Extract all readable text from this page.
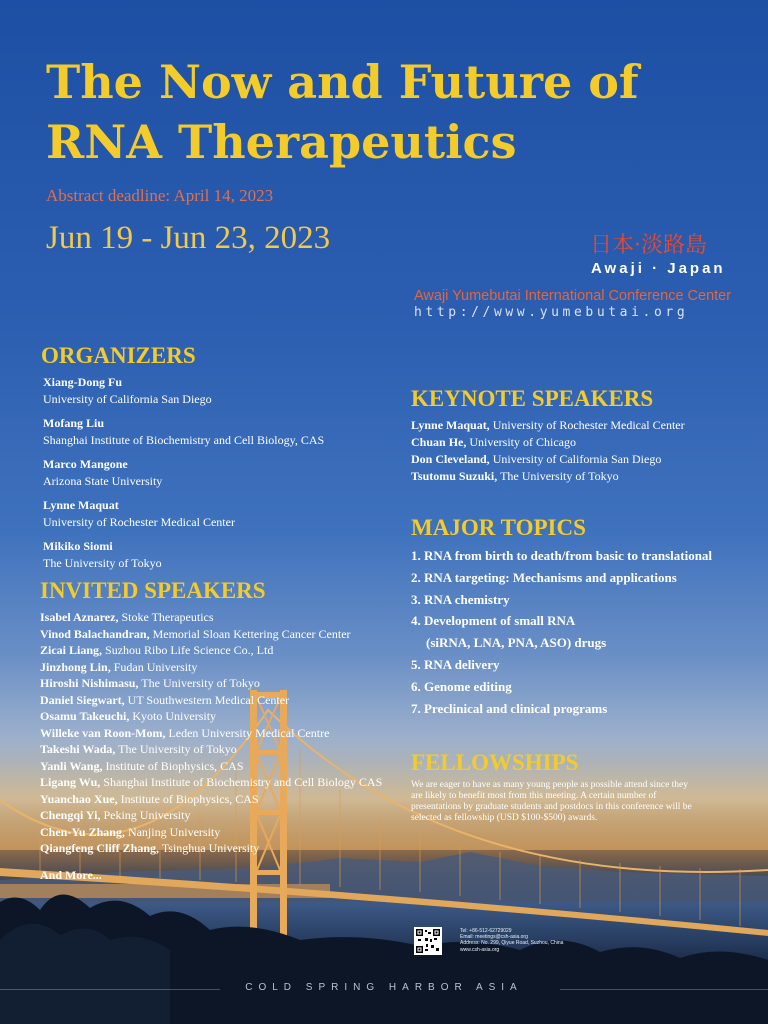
The Now and Future of
RNA Therapeutics
Abstract deadline: April 14, 2023
Jun 19 - Jun 23, 2023	日本·淡路島
Awaji · Japan
Awaji Yumebutai International Conference Center
http://www.yumebutai.org
ORGANIZERS
Xiang-Dong Fu
University of California San Diego
Mofang Liu
Shanghai Institute of Biochemistry and Cell Biology, CAS
Marco Mangone
Arizona State University
Lynne Maquat
University of Rochester Medical Center
Mikiko Siomi
The University of Tokyo
INVITED SPEAKERS
Isabel Aznarez, Stoke Therapeutics
Vinod Balachandran, Memorial Sloan Kettering Cancer Center
Zicai Liang, Suzhou Ribo Life Science Co., Ltd
Jinzhong Lin, Fudan University
Hiroshi Nishimasu, The University of Tokyo
Daniel Siegwart, UT Southwestern Medical Center
Osamu Takeuchi, Kyoto University
Willeke van Roon-Mom, Leden University Medical Centre
Takeshi Wada, The University of Tokyo
Yanli Wang, Institute of Biophysics, CAS
Ligang Wu, Shanghai Institute of Biochemistry and Cell Biology CAS
Yuanchao Xue, Institute of Biophysics, CAS
Chengqi Yi, Peking University
Chen-Yu Zhang, Nanjing University
Qiangfeng Cliff Zhang, Tsinghua University
And More...
KEYNOTE SPEAKERS
Lynne Maquat, University of Rochester Medical Center
Chuan He, University of Chicago
Don Cleveland, University of California San Diego
Tsutomu Suzuki, The University of Tokyo
MAJOR TOPICS
1. RNA from birth to death/from basic to translational
2. RNA targeting: Mechanisms and applications
3. RNA chemistry
4. Development of small RNA
(siRNA, LNA, PNA, ASO) drugs
5. RNA delivery
6. Genome editing
7. Preclinical and clinical programs
FELLOWSHIPS
We are eager to have as many young people as possible attend since they are likely to benefit most from this meeting. A certain number of presentations by graduate students and postdocs in this conference will be selected as fellowship (USD $100-$500) awards.
Tel: +86-512-62729029
Email: meetings@csh-asia.org
Address: No. 299, Qiyue Road, Suzhou, China
www.csh-asia.org
COLD SPRING HARBOR ASIA
